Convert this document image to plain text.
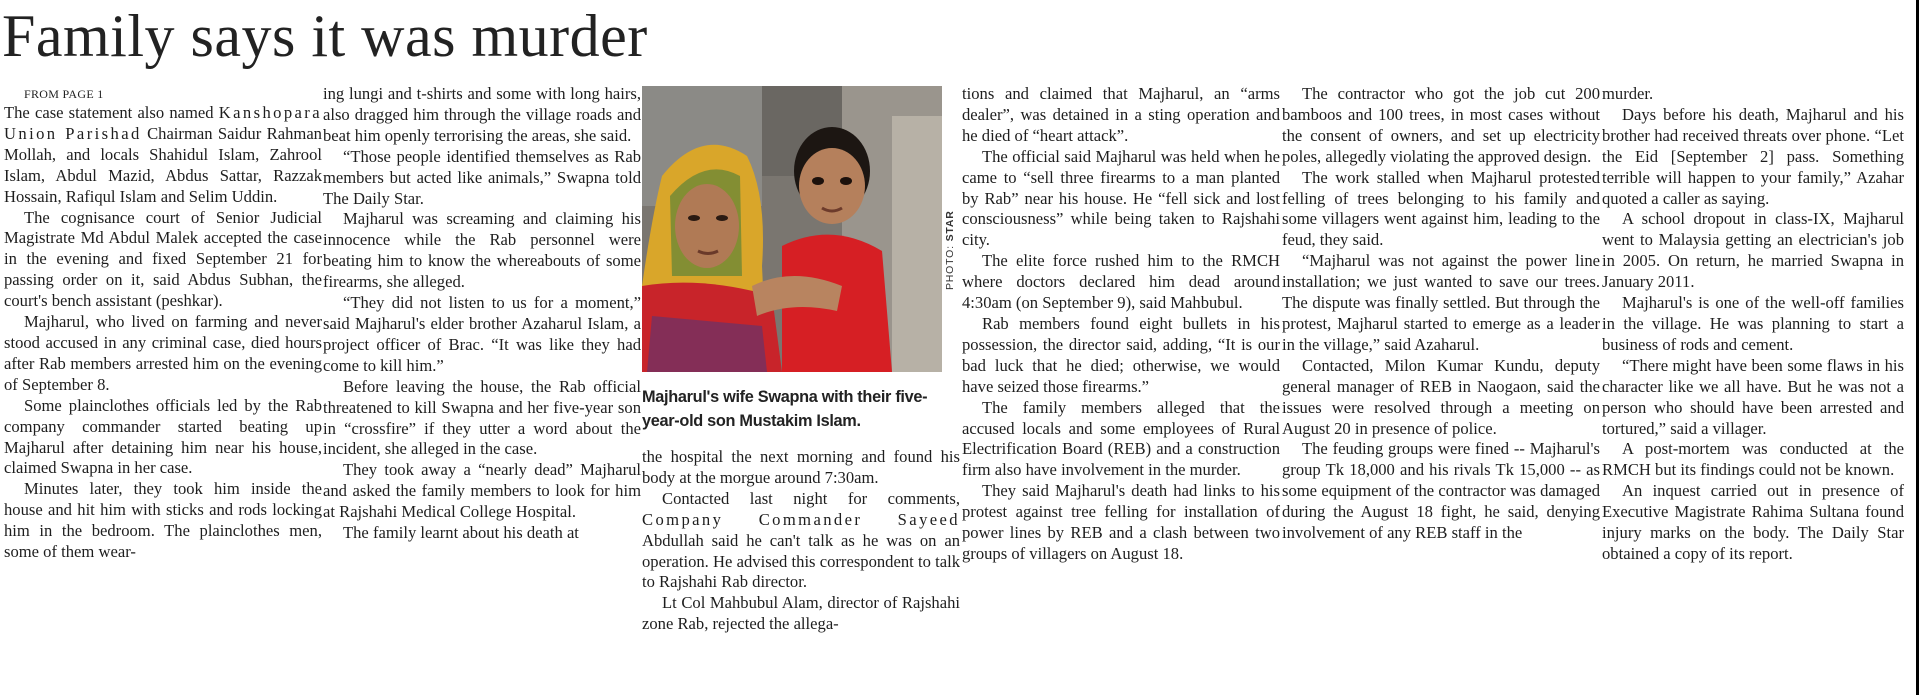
Family says it was murder

FROM PAGE 1

The case statement also named Kanshopara Union Parishad Chairman Saidur Rahman Mollah, and locals Shahidul Islam, Zahrool Islam, Abdul Mazid, Abdus Sattar, Razzak Hossain, Rafiqul Islam and Selim Uddin.

The cognisance court of Senior Judicial Magistrate Md Abdul Malek accepted the case in the evening and fixed September 21 for passing order on it, said Abdus Subhan, the court's bench assistant (peshkar).

Majharul, who lived on farming and never stood accused in any criminal case, died hours after Rab members arrested him on the evening of September 8.

Some plainclothes officials led by the Rab company commander started beating up Majharul after detaining him near his house, claimed Swapna in her case.

Minutes later, they took him inside the house and hit him with sticks and rods locking him in the bedroom. The plainclothes men, some of them wear-

ing lungi and t-shirts and some with long hairs, also dragged him through the village roads and beat him openly terrorising the areas, she said.

“Those people identified themselves as Rab members but acted like animals,” Swapna told The Daily Star.

Majharul was screaming and claiming his innocence while the Rab personnel were beating him to know the whereabouts of some firearms, she alleged.

“They did not listen to us for a moment,” said Majharul's elder brother Azaharul Islam, a project officer of Brac. “It was like they had come to kill him.”

Before leaving the house, the Rab official threatened to kill Swapna and her five-year son in “crossfire” if they utter a word about the incident, she alleged in the case.

They took away a “nearly dead” Majharul and asked the family members to look for him at Rajshahi Medical College Hospital.

The family learnt about his death at

PHOTO: STAR
Majharul's wife Swapna with their five-year-old son Mustakim Islam.

the hospital the next morning and found his body at the morgue around 7:30am.

Contacted last night for comments, Company Commander Sayeed Abdullah said he can't talk as he was on an operation. He advised this correspondent to talk to Rajshahi Rab director.

Lt Col Mahbubul Alam, director of Rajshahi zone Rab, rejected the allega-

tions and claimed that Majharul, an “arms dealer”, was detained in a sting operation and he died of “heart attack”.

The official said Majharul was held when he came to “sell three firearms to a man planted by Rab” near his house. He “fell sick and lost consciousness” while being taken to Rajshahi city.

The elite force rushed him to the RMCH where doctors declared him dead around 4:30am (on September 9), said Mahbubul.

Rab members found eight bullets in his possession, the director said, adding, “It is our bad luck that he died; otherwise, we would have seized those firearms.”

The family members alleged that the accused locals and some employees of Rural Electrification Board (REB) and a construction firm also have involvement in the murder.

They said Majharul's death had links to his protest against tree felling for installation of power lines by REB and a clash between two groups of villagers on August 18.

The contractor who got the job cut 200 bamboos and 100 trees, in most cases without the consent of owners, and set up electricity poles, allegedly violating the approved design.

The work stalled when Majharul protested felling of trees belonging to his family and some villagers went against him, leading to the feud, they said.

“Majharul was not against the power line installation; we just wanted to save our trees. The dispute was finally settled. But through the protest, Majharul started to emerge as a leader in the village,” said Azaharul.

Contacted, Milon Kumar Kundu, deputy general manager of REB in Naogaon, said the issues were resolved through a meeting on August 20 in presence of police.

The feuding groups were fined -- Majharul's group Tk 18,000 and his rivals Tk 15,000 -- as some equipment of the contractor was damaged during the August 18 fight, he said, denying involvement of any REB staff in the

murder.

Days before his death, Majharul and his brother had received threats over phone. “Let the Eid [September 2] pass. Something terrible will happen to your family,” Azahar quoted a caller as saying.

A school dropout in class-IX, Majharul went to Malaysia getting an electrician's job in 2005. On return, he married Swapna in January 2011.

Majharul's is one of the well-off families in the village. He was planning to start a business of rods and cement.

“There might have been some flaws in his character like we all have. But he was not a person who should have been arrested and tortured,” said a villager.

A post-mortem was conducted at the RMCH but its findings could not be known.

An inquest carried out in presence of Executive Magistrate Rahima Sultana found injury marks on the body. The Daily Star obtained a copy of its report.
